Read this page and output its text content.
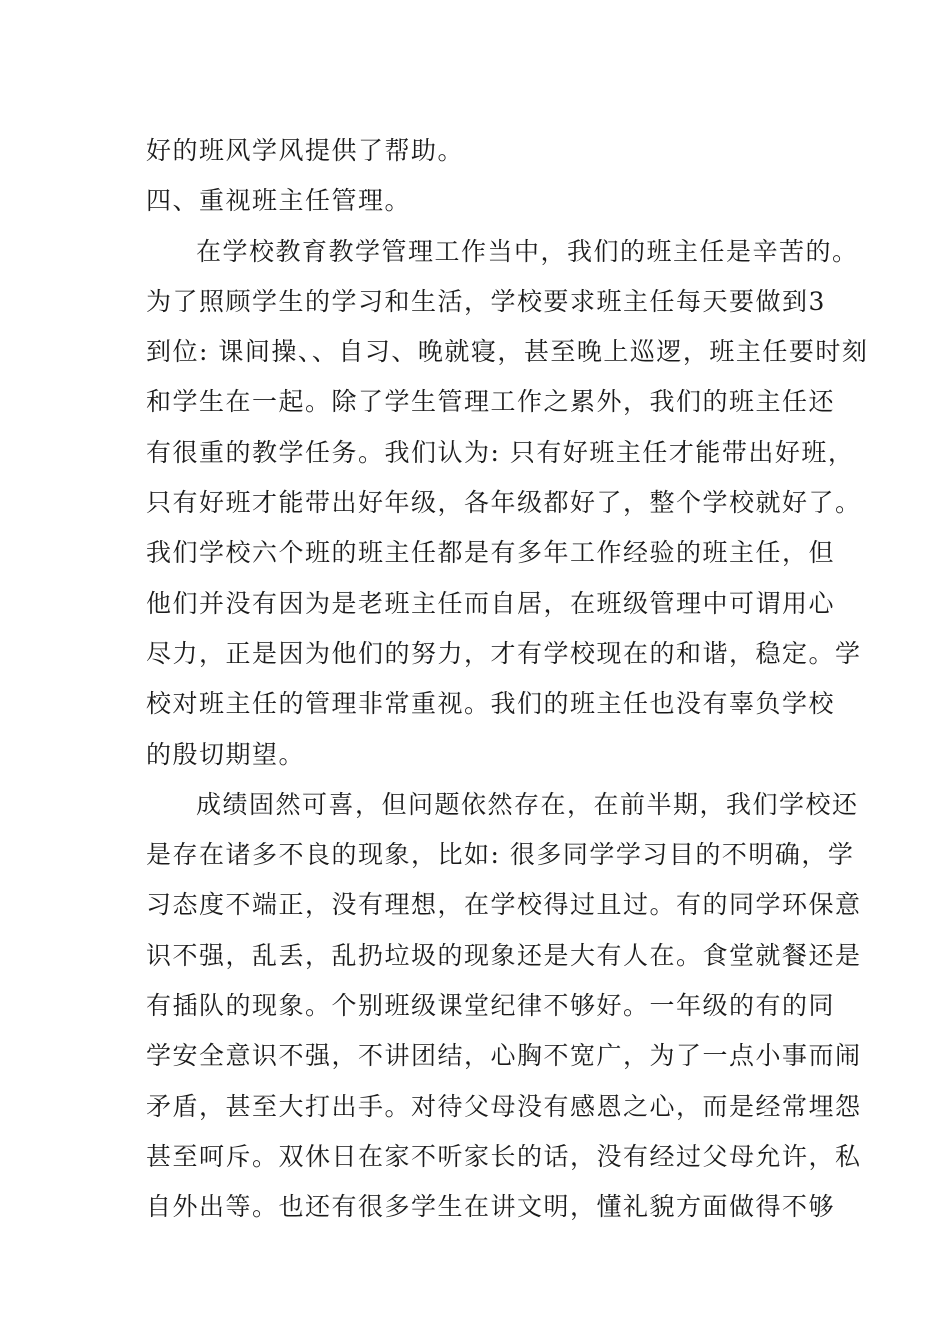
好的班风学风提供了帮助。
四、重视班主任管理。
在学校教育教学管理工作当中，我们的班主任是辛苦的。
为了照顾学生的学习和生活，学校要求班主任每天要做到3
到位: 课间操、、自习、晚就寝，甚至晚上巡逻，班主任要时刻
和学生在一起。除了学生管理工作之累外，我们的班主任还
有很重的教学任务。我们认为: 只有好班主任才能带出好班，
只有好班才能带出好年级，各年级都好了，整个学校就好了。
我们学校六个班的班主任都是有多年工作经验的班主任，但
他们并没有因为是老班主任而自居，在班级管理中可谓用心
尽力，正是因为他们的努力，才有学校现在的和谐，稳定。学
校对班主任的管理非常重视。我们的班主任也没有辜负学校
的殷切期望。
成绩固然可喜，但问题依然存在，在前半期，我们学校还
是存在诸多不良的现象，比如: 很多同学学习目的不明确，学
习态度不端正，没有理想，在学校得过且过。有的同学环保意
识不强，乱丢，乱扔垃圾的现象还是大有人在。食堂就餐还是
有插队的现象。个别班级课堂纪律不够好。一年级的有的同
学安全意识不强，不讲团结，心胸不宽广，为了一点小事而闹
矛盾，甚至大打出手。对待父母没有感恩之心，而是经常埋怨
甚至呵斥。双休日在家不听家长的话，没有经过父母允许，私
自外出等。也还有很多学生在讲文明，懂礼貌方面做得不够
